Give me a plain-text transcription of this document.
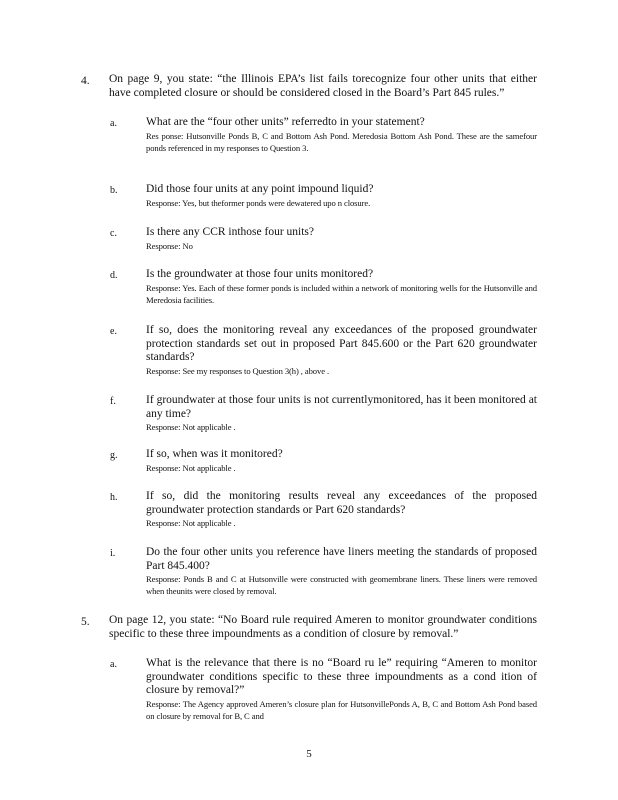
4. On page 9, you state: “the Illinois EPA’s list fails torecognize four other units that either have completed closure or should be considered closed in the Board’s Part 845 rules.”
a.	What are the “four other units” referredto in your statement?
Res ponse: Hutsonville Ponds B, C and Bottom Ash Pond. Meredosia Bottom Ash Pond. These are the samefour ponds referenced in my responses to Question 3.
b. Did those four units at any point impound liquid?
Response: Yes, but theformer ponds were dewatered upo n closure.
c.	Is there any CCR inthose four units?
Response: No
d. Is the groundwater at those four units monitored?
Response: Yes. Each of these former ponds is included within a network of monitoring wells for the Hutsonville and Meredosia facilities.
e.	If so, does the monitoring reveal any exceedances of the proposed groundwater protection standards set out in proposed Part 845.600 or the Part 620 groundwater standards?
Response: See my responses to Question 3(h) , above .
f.	If groundwater at those four units is not currentlymonitored, has it been monitored at any time?
Response: Not applicable .
g. If so, when was it monitored?
Response: Not applicable .
h. If so, did the monitoring results reveal any exceedances of the proposed groundwater protection standards or Part 620 standards?
Response: Not applicable .
i.	Do the four other units you reference have liners meeting the standards of proposed Part 845.400?
Response: Ponds B and C at Hutsonville were constructed with geomembrane liners. These liners were removed when theunits were closed by removal.
5. On page 12, you state: “No Board rule required Ameren to monitor groundwater conditions specific to these three impoundments as a condition of closure by removal.”
a.	What is the relevance that there is no “Board ru le” requiring “Ameren to monitor groundwater conditions specific to these three impoundments as a cond ition of closure by removal?”
Response: The Agency approved Ameren’s closure plan for HutsonvillePonds A, B, C and Bottom Ash Pond based on closure by removal for B, C and
5
